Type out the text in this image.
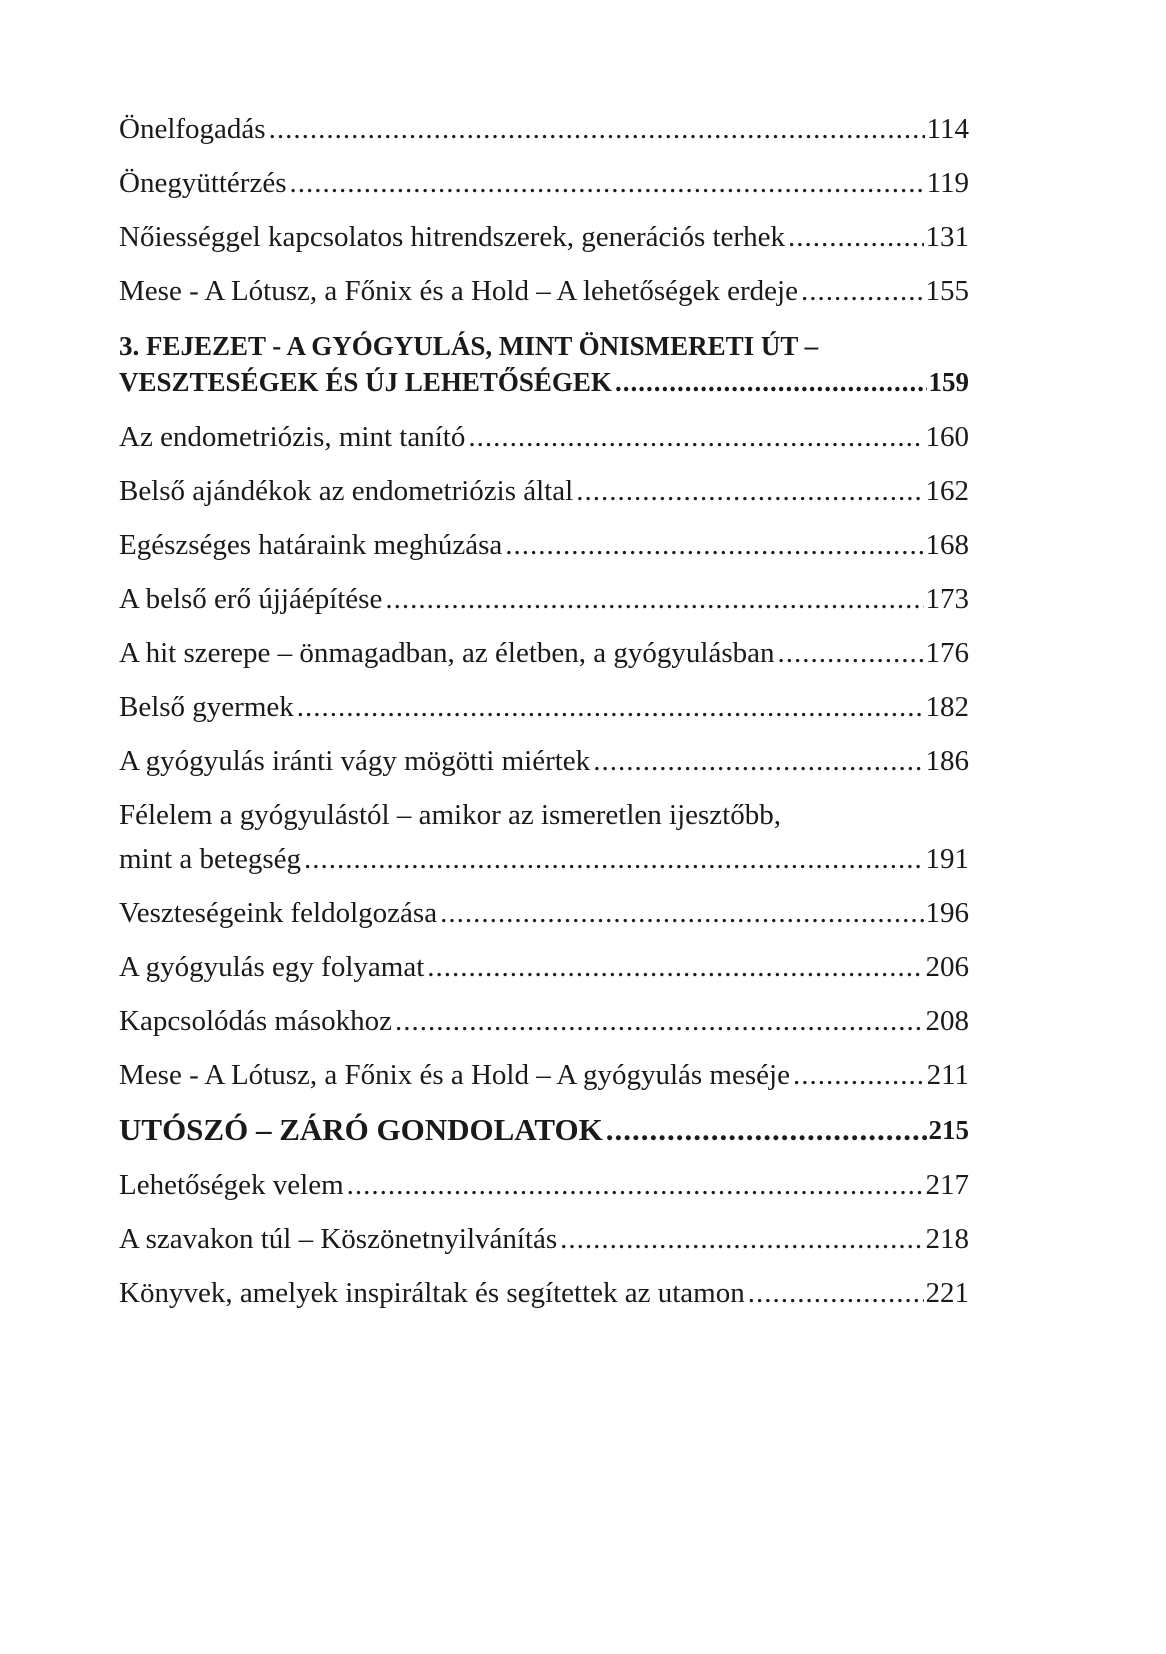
Önelfogadás .....	114
Önegyüttérzés .....	119
Nőiességgel kapcsolatos hitrendszerek, generációs terhek .....	131
Mese - A Lótusz, a Főnix és a Hold – A lehetőségek erdeje .....	155
3. FEJEZET - A GYÓGYULÁS, MINT ÖNISMERETI ÚT –
VESZTESÉGEK ÉS ÚJ LEHETŐSÉGEK .....	159
Az endometriózis, mint tanító .....	160
Belső ajándékok az endometriózis által .....	162
Egészséges határaink meghúzása .....	168
A belső erő újjáépítése .....	173
A hit szerepe – önmagadban, az életben, a gyógyulásban .....	176
Belső gyermek .....	182
A gyógyulás iránti vágy mögötti miértek .....	186
Félelem a gyógyulástól – amikor az ismeretlen ijesztőbb,
mint a betegség .....	191
Veszteségeink feldolgozása .....	196
A gyógyulás egy folyamat .....	206
Kapcsolódás másokhoz .....	208
Mese - A Lótusz, a Főnix és a Hold – A gyógyulás meséje .....	211
UTÓSZÓ – ZÁRÓ GONDOLATOK .....	215
Lehetőségek velem .....	217
A szavakon túl – Köszönetnyilvánítás .....	218
Könyvek, amelyek inspiráltak és segítettek az utamon .....	221
